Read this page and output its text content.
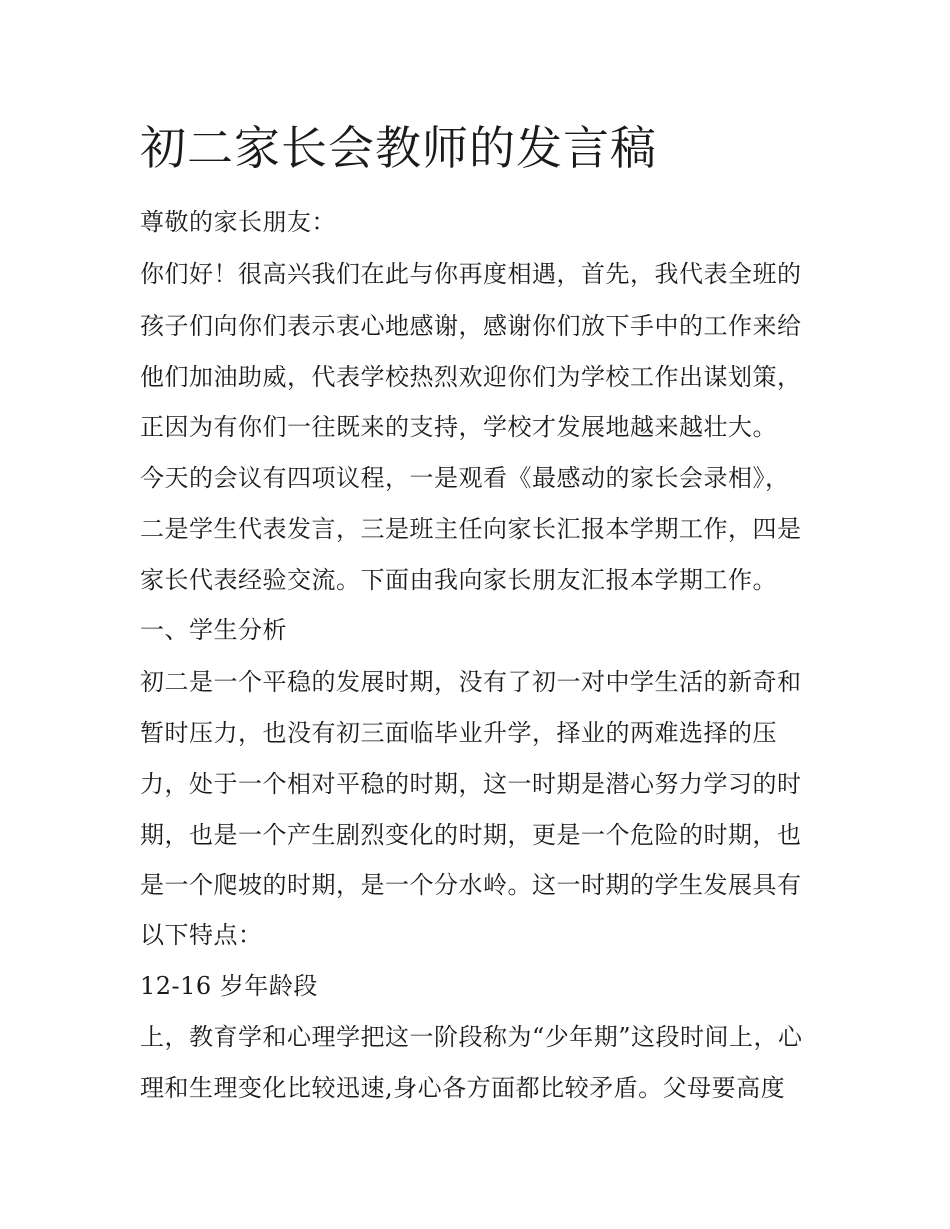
初二家长会教师的发言稿
尊敬的家长朋友：
你们好！很高兴我们在此与你再度相遇，首先，我代表全班的
孩子们向你们表示衷心地感谢，感谢你们放下手中的工作来给
他们加油助威，代表学校热烈欢迎你们为学校工作出谋划策，
正因为有你们一往既来的支持，学校才发展地越来越壮大。
今天的会议有四项议程，一是观看《最感动的家长会录相》，
二是学生代表发言，三是班主任向家长汇报本学期工作，四是
家长代表经验交流。下面由我向家长朋友汇报本学期工作。
一、学生分析
初二是一个平稳的发展时期，没有了初一对中学生活的新奇和
暂时压力，也没有初三面临毕业升学，择业的两难选择的压
力，处于一个相对平稳的时期，这一时期是潜心努力学习的时
期，也是一个产生剧烈变化的时期，更是一个危险的时期，也
是一个爬坡的时期，是一个分水岭。这一时期的学生发展具有
以下特点：
12-16 岁年龄段
上，教育学和心理学把这一阶段称为“少年期”这段时间上，心
理和生理变化比较迅速,身心各方面都比较矛盾。父母要高度
